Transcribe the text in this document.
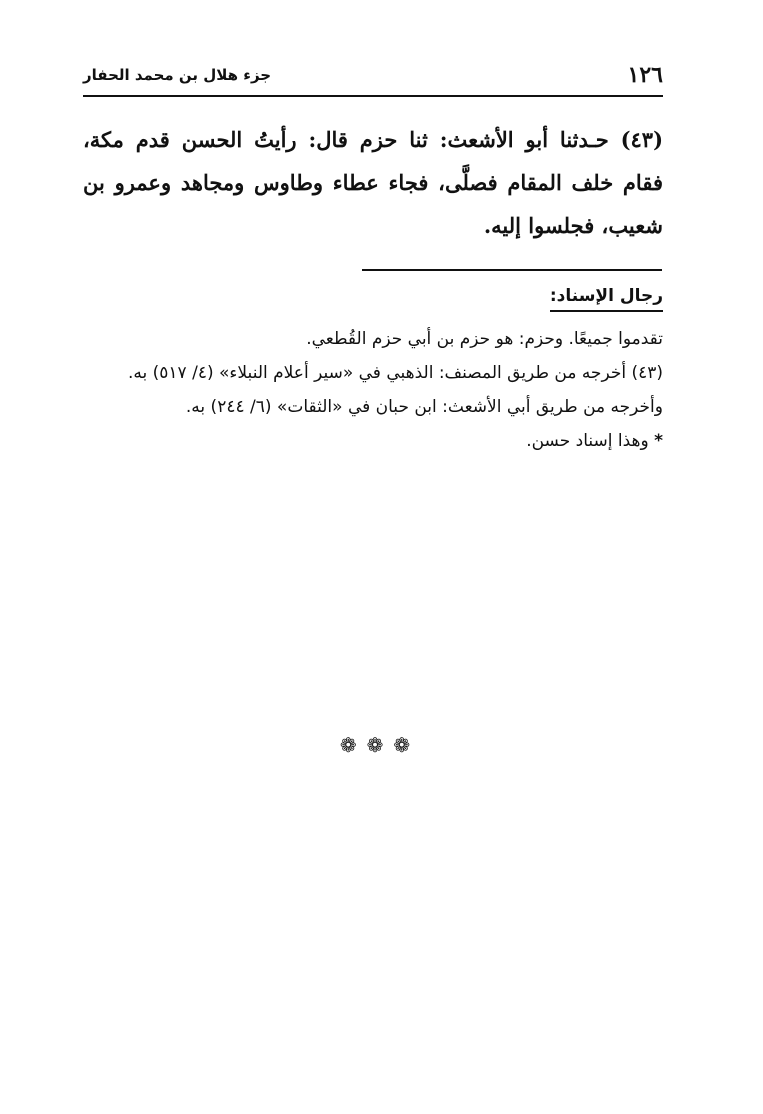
١٢٦
جزء هلال بن محمد الحفار
(٤٣) حـدثنا أبو الأشعث: ثنا حزم قال: رأيتُ الحسن قدم مكة، فقام خلف المقام فصلَّى، فجاء عطاء وطاوس ومجاهد وعمرو بن شعيب، فجلسوا إليه.
رجال الإسناد:

تقدموا جميعًا. وحزم: هو حزم بن أبي حزم القُطعي.

(٤٣) أخرجه من طريق المصنف: الذهبي في «سير أعلام النبلاء» (٤/ ٥١٧) به.

وأخرجه من طريق أبي الأشعث: ابن حبان في «الثقات» (٦/ ٢٤٤) به.

* وهذا إسناد حسن.

❁❁❁
